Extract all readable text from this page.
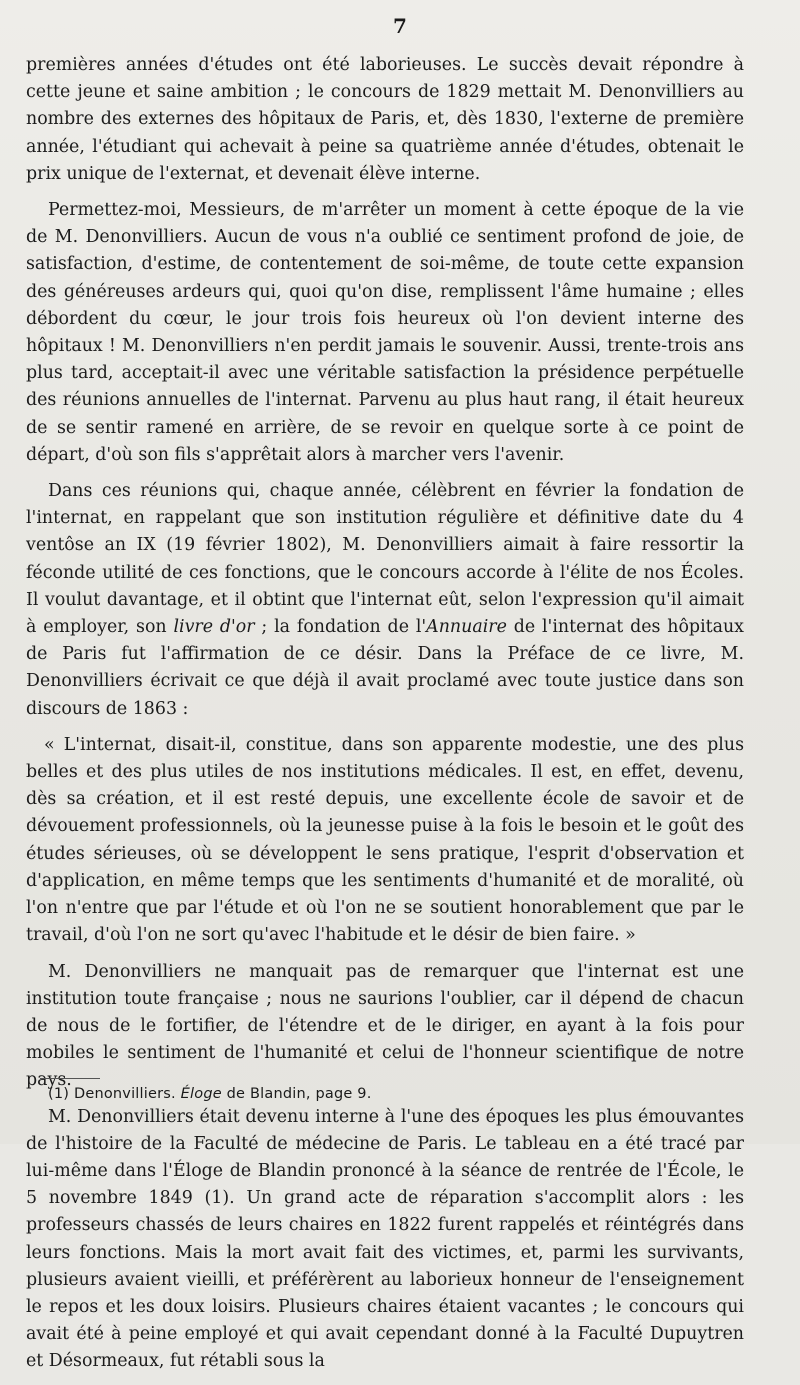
7

premières années d'études ont été laborieuses. Le succès devait répondre à cette jeune et saine ambition ; le concours de 1829 mettait M. Denonvilliers au nombre des externes des hôpitaux de Paris, et, dès 1830, l'externe de première année, l'étudiant qui achevait à peine sa quatrième année d'études, obtenait le prix unique de l'externat, et devenait élève interne.

Permettez-moi, Messieurs, de m'arrêter un moment à cette époque de la vie de M. Denonvilliers. Aucun de vous n'a oublié ce sentiment profond de joie, de satisfaction, d'estime, de contentement de soi-même, de toute cette expansion des généreuses ardeurs qui, quoi qu'on dise, remplissent l'âme humaine ; elles débordent du cœur, le jour trois fois heureux où l'on devient interne des hôpitaux ! M. Denonvilliers n'en perdit jamais le souvenir. Aussi, trente-trois ans plus tard, acceptait-il avec une véritable satisfaction la présidence perpétuelle des réunions annuelles de l'internat. Parvenu au plus haut rang, il était heureux de se sentir ramené en arrière, de se revoir en quelque sorte à ce point de départ, d'où son fils s'apprêtait alors à marcher vers l'avenir.

Dans ces réunions qui, chaque année, célèbrent en février la fondation de l'internat, en rappelant que son institution régulière et définitive date du 4 ventôse an IX (19 février 1802), M. Denonvilliers aimait à faire ressortir la féconde utilité de ces fonctions, que le concours accorde à l'élite de nos Écoles. Il voulut davantage, et il obtint que l'internat eût, selon l'expression qu'il aimait à employer, son livre d'or ; la fondation de l'Annuaire de l'internat des hôpitaux de Paris fut l'affirmation de ce désir. Dans la Préface de ce livre, M. Denonvilliers écrivait ce que déjà il avait proclamé avec toute justice dans son discours de 1863 :

« L'internat, disait-il, constitue, dans son apparente modestie, une des plus belles et des plus utiles de nos institutions médicales. Il est, en effet, devenu, dès sa création, et il est resté depuis, une excellente école de savoir et de dévouement professionnels, où la jeunesse puise à la fois le besoin et le goût des études sérieuses, où se développent le sens pratique, l'esprit d'observation et d'application, en même temps que les sentiments d'humanité et de moralité, où l'on n'entre que par l'étude et où l'on ne se soutient honorablement que par le travail, d'où l'on ne sort qu'avec l'habitude et le désir de bien faire. »

M. Denonvilliers ne manquait pas de remarquer que l'internat est une institution toute française ; nous ne saurions l'oublier, car il dépend de chacun de nous de le fortifier, de l'étendre et de le diriger, en ayant à la fois pour mobiles le sentiment de l'humanité et celui de l'honneur scientifique de notre pays.

M. Denonvilliers était devenu interne à l'une des époques les plus émouvantes de l'histoire de la Faculté de médecine de Paris. Le tableau en a été tracé par lui-même dans l'Éloge de Blandin prononcé à la séance de rentrée de l'École, le 5 novembre 1849 (1). Un grand acte de réparation s'accomplit alors : les professeurs chassés de leurs chaires en 1822 furent rappelés et réintégrés dans leurs fonctions. Mais la mort avait fait des victimes, et, parmi les survivants, plusieurs avaient vieilli, et préférèrent au laborieux honneur de l'enseignement le repos et les doux loisirs. Plusieurs chaires étaient vacantes ; le concours qui avait été à peine employé et qui avait cependant donné à la Faculté Dupuytren et Désormeaux, fut rétabli sous la

(1) Denonvilliers. Éloge de Blandin, page 9.
